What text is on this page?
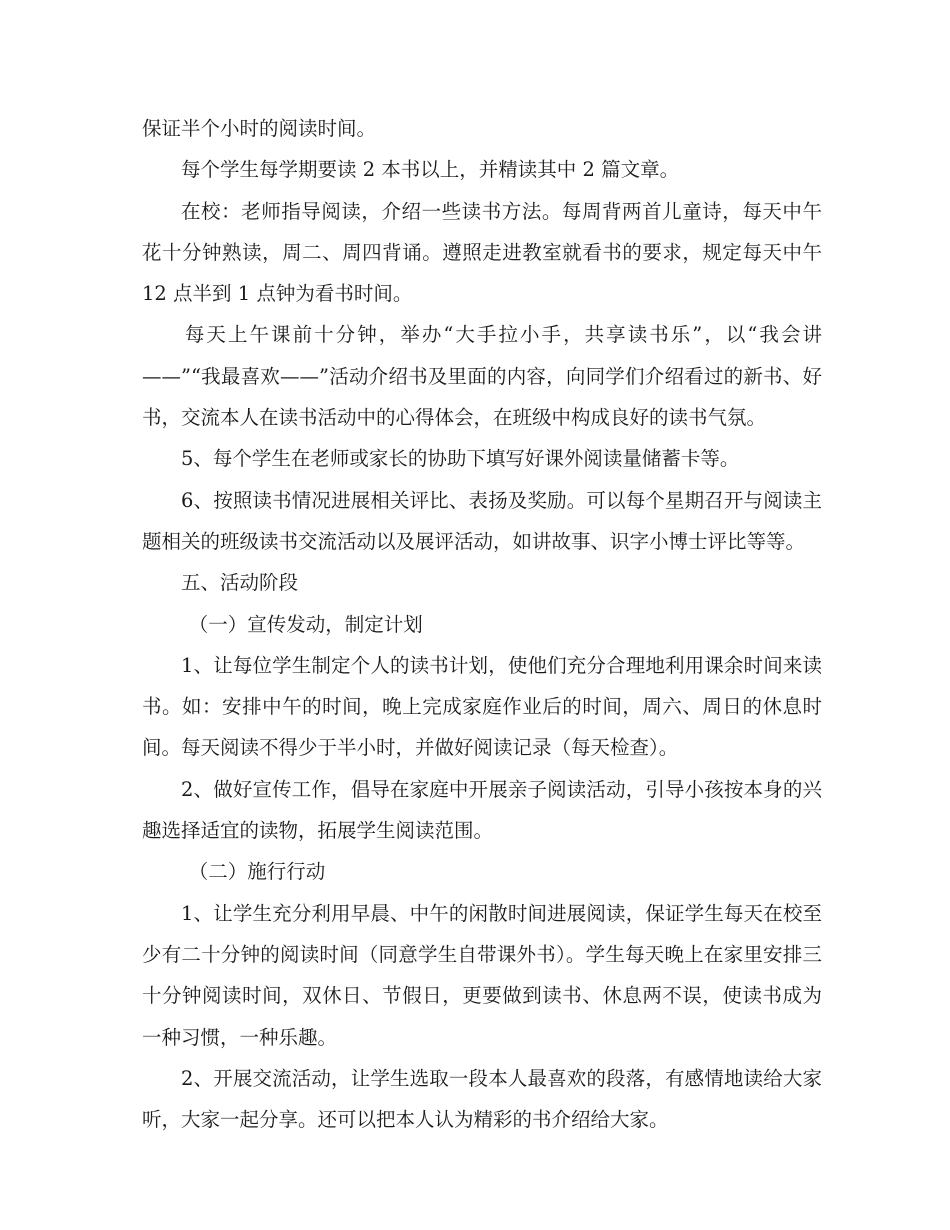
保证半个小时的阅读时间。

每个学生每学期要读 2 本书以上，并精读其中 2 篇文章。

在校：老师指导阅读，介绍一些读书方法。每周背两首儿童诗，每天中午花十分钟熟读，周二、周四背诵。遵照走进教室就看书的要求，规定每天中午 12 点半到 1 点钟为看书时间。

每天上午课前十分钟，举办“大手拉小手，共享读书乐”，以“我会讲——”“我最喜欢——”活动介绍书及里面的内容，向同学们介绍看过的新书、好书，交流本人在读书活动中的心得体会，在班级中构成良好的读书气氛。

5、每个学生在老师或家长的协助下填写好课外阅读量储蓄卡等。

6、按照读书情况进展相关评比、表扬及奖励。可以每个星期召开与阅读主题相关的班级读书交流活动以及展评活动，如讲故事、识字小博士评比等等。

五、活动阶段

（一）宣传发动，制定计划

1、让每位学生制定个人的读书计划，使他们充分合理地利用课余时间来读书。如：安排中午的时间，晚上完成家庭作业后的时间，周六、周日的休息时间。每天阅读不得少于半小时，并做好阅读记录（每天检查）。

2、做好宣传工作，倡导在家庭中开展亲子阅读活动，引导小孩按本身的兴趣选择适宜的读物，拓展学生阅读范围。

（二）施行行动

1、让学生充分利用早晨、中午的闲散时间进展阅读，保证学生每天在校至少有二十分钟的阅读时间（同意学生自带课外书）。学生每天晚上在家里安排三十分钟阅读时间，双休日、节假日，更要做到读书、休息两不误，使读书成为一种习惯，一种乐趣。

2、开展交流活动，让学生选取一段本人最喜欢的段落，有感情地读给大家听，大家一起分享。还可以把本人认为精彩的书介绍给大家。
